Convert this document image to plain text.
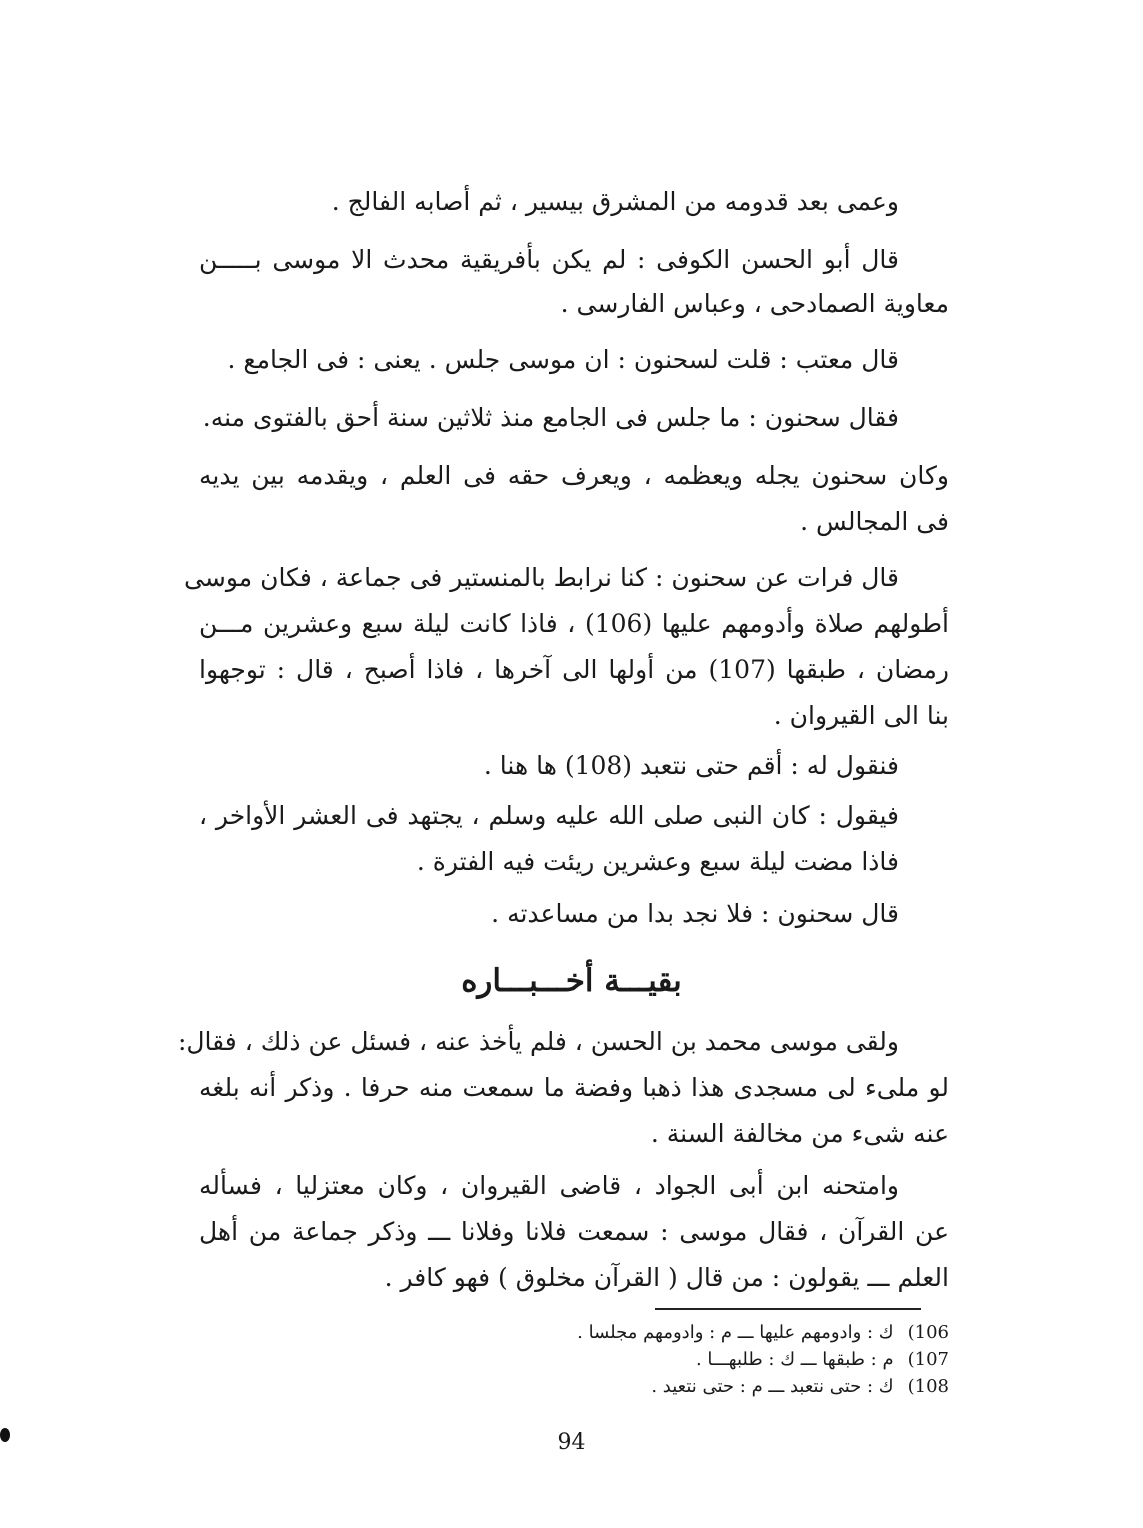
وعمى بعد قدومه من المشرق بيسير ، ثم أصابه الفالج .
قال أبو الحسن الكوفى : لم يكن بأفريقية محدث الا موسى بـــــن
معاوية الصمادحى ، وعباس الفارسى .
قال معتب : قلت لسحنون : ان موسى جلس . يعنى : فى الجامع .
فقال سحنون : ما جلس فى الجامع منذ ثلاثين سنة أحق بالفتوى منه.
وكان سحنون يجله ويعظمه ، ويعرف حقه فى العلم ، ويقدمه بين يديه
فى المجالس .
قال فرات عن سحنون : كنا نرابط بالمنستير فى جماعة ، فكان موسى
أطولهم صلاة وأدومهم عليها (106) ، فاذا كانت ليلة سبع وعشرين مـــن
رمضان ، طبقها (107) من أولها الى آخرها ، فاذا أصبح ، قال : توجهوا
بنا الى القيروان .
فنقول له : أقم حتى نتعبد (108) ها هنا .
فيقول : كان النبى صلى الله عليه وسلم ، يجتهد فى العشر الأواخر ،
فاذا مضت ليلة سبع وعشرين ريئت فيه الفترة .
قال سحنون : فلا نجد بدا من مساعدته .
بقيـــة أخـــبـــاره
ولقى موسى محمد بن الحسن ، فلم يأخذ عنه ، فسئل عن ذلك ، فقال:
لو ملىء لى مسجدى هذا ذهبا وفضة ما سمعت منه حرفا . وذكر أنه بلغه
عنه شىء من مخالفة السنة .
وامتحنه ابن أبى الجواد ، قاضى القيروان ، وكان معتزليا ، فسأله
عن القرآن ، فقال موسى : سمعت فلانا وفلانا ـــ وذكر جماعة من أهل
العلم ـــ يقولون : من قال ( القرآن مخلوق ) فهو كافر .
106)ك : وادومهم عليها ـــ م : وادومهم مجلسا .
107)م : طبقها ـــ ك : طلبهـــا .
108)ك : حتى نتعبد ـــ م : حتى نتعيد .
94
